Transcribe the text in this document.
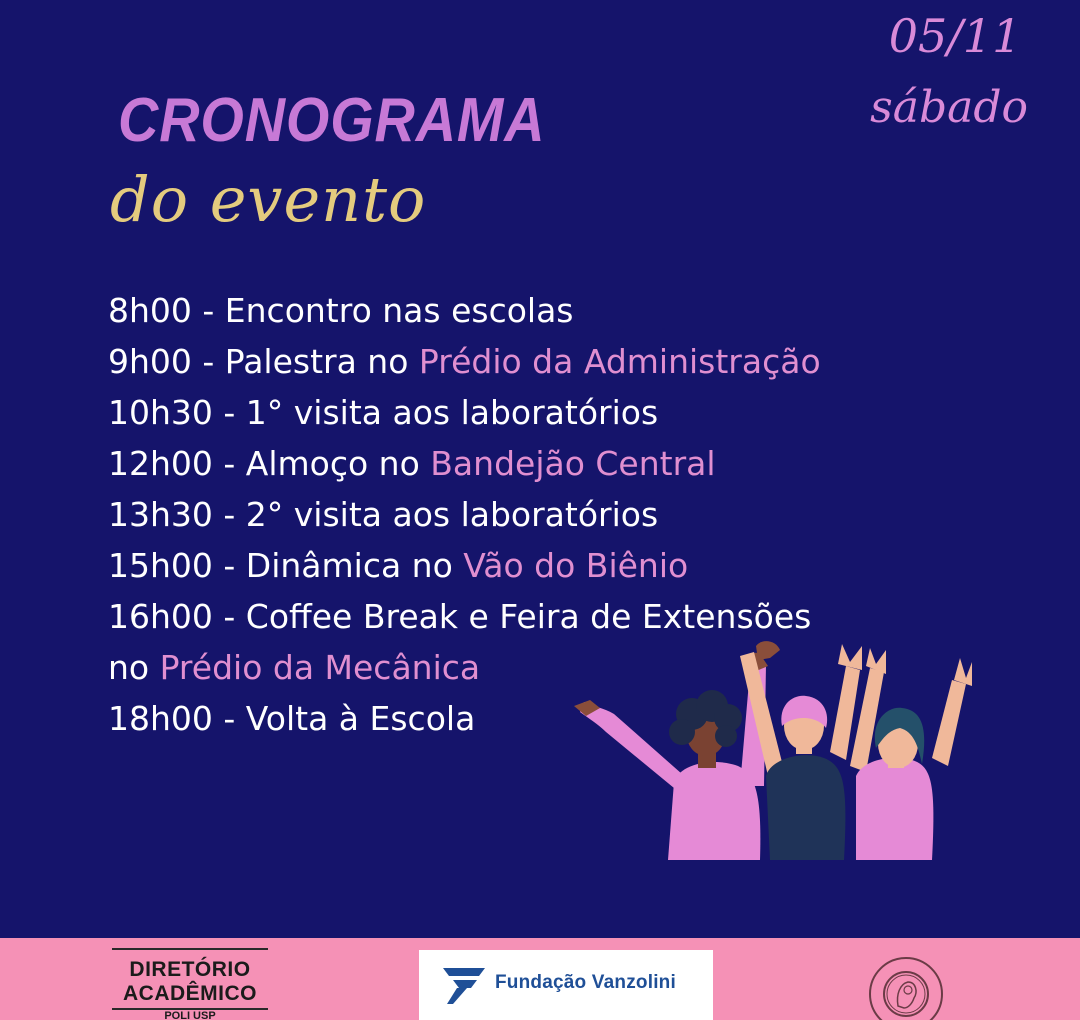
05/11
sábado
CRONOGRAMA
do evento
8h00 - Encontro nas escolas
9h00 - Palestra no Prédio da Administração
10h30 - 1° visita aos laboratórios
12h00 - Almoço no Bandejão Central
13h30 - 2° visita aos laboratórios
15h00 - Dinâmica no Vão do Biênio
16h00 - Coffee Break e Feira de Extensões
no Prédio da Mecânica
18h00 - Volta à Escola
DIRETÓRIO
ACADÊMICO
POLI USP
Fundação Vanzolini
